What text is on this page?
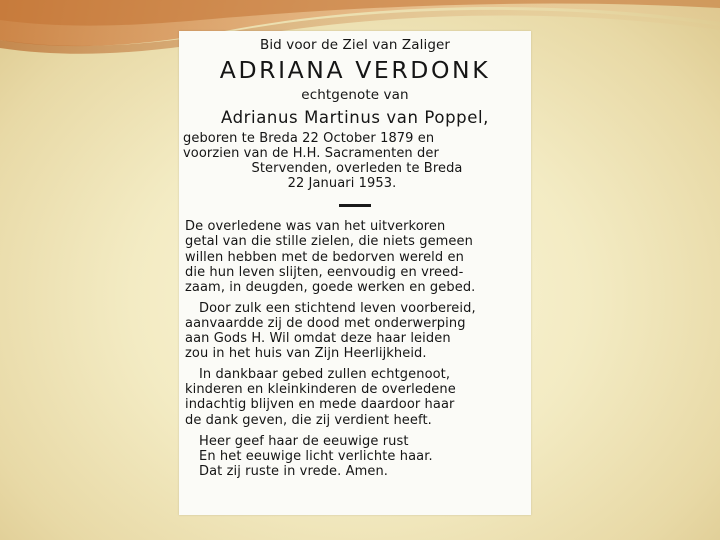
Bid voor de Ziel van Zaliger
ADRIANA VERDONK
echtgenote van
Adrianus Martinus van Poppel,
geboren te Breda 22 October 1879 en
voorzien van de H.H. Sacramenten der
Stervenden, overleden te Breda
22 Januari 1953.
De overledene was van het uitverkoren
getal van die stille zielen, die niets gemeen
willen hebben met de bedorven wereld en
die hun leven slijten, eenvoudig en vreed-
zaam, in deugden, goede werken en gebed.
Door zulk een stichtend leven voorbereid,
aanvaardde zij de dood met onderwerping
aan Gods H. Wil omdat deze haar leiden
zou in het huis van Zijn Heerlijkheid.
In dankbaar gebed zullen echtgenoot,
kinderen en kleinkinderen de overledene
indachtig blijven en mede daardoor haar
de dank geven, die zij verdient heeft.
Heer geef haar de eeuwige rust
En het eeuwige licht verlichte haar.
Dat zij ruste in vrede. Amen.
